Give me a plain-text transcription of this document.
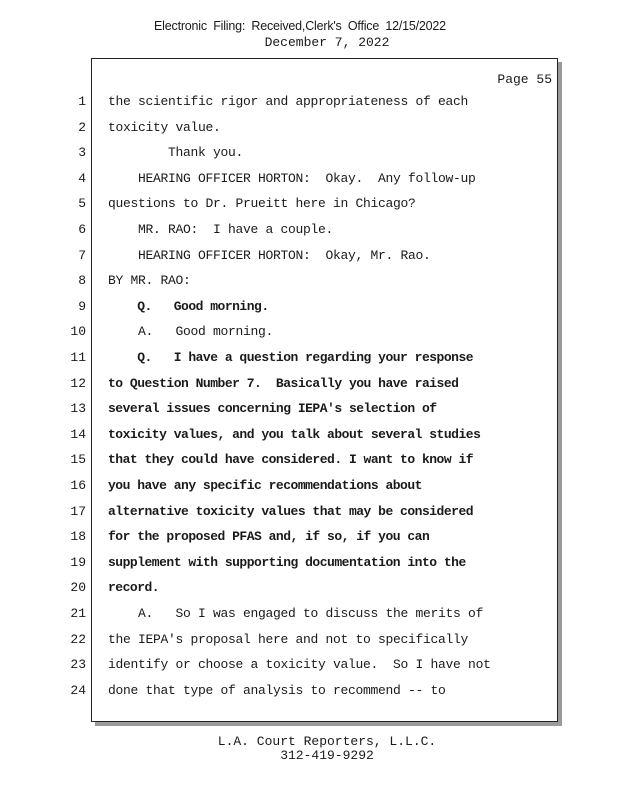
Electronic Filing: Received,Clerk's Office 12/15/2022
December 7, 2022
Page 55
1 the scientific rigor and appropriateness of each
2 toxicity value.
3 Thank you.
4 HEARING OFFICER HORTON:  Okay.  Any follow-up
5 questions to Dr. Prueitt here in Chicago?
6 MR. RAO:  I have a couple.
7 HEARING OFFICER HORTON:  Okay, Mr. Rao.
8 BY MR. RAO:
9 Q.   Good morning.
10 A.   Good morning.
11 Q.   I have a question regarding your response
12 to Question Number 7.  Basically you have raised
13 several issues concerning IEPA's selection of
14 toxicity values, and you talk about several studies
15 that they could have considered. I want to know if
16 you have any specific recommendations about
17 alternative toxicity values that may be considered
18 for the proposed PFAS and, if so, if you can
19 supplement with supporting documentation into the
20 record.
21 A.   So I was engaged to discuss the merits of
22 the IEPA's proposal here and not to specifically
23 identify or choose a toxicity value.  So I have not
24 done that type of analysis to recommend -- to
L.A. Court Reporters, L.L.C.
312-419-9292
